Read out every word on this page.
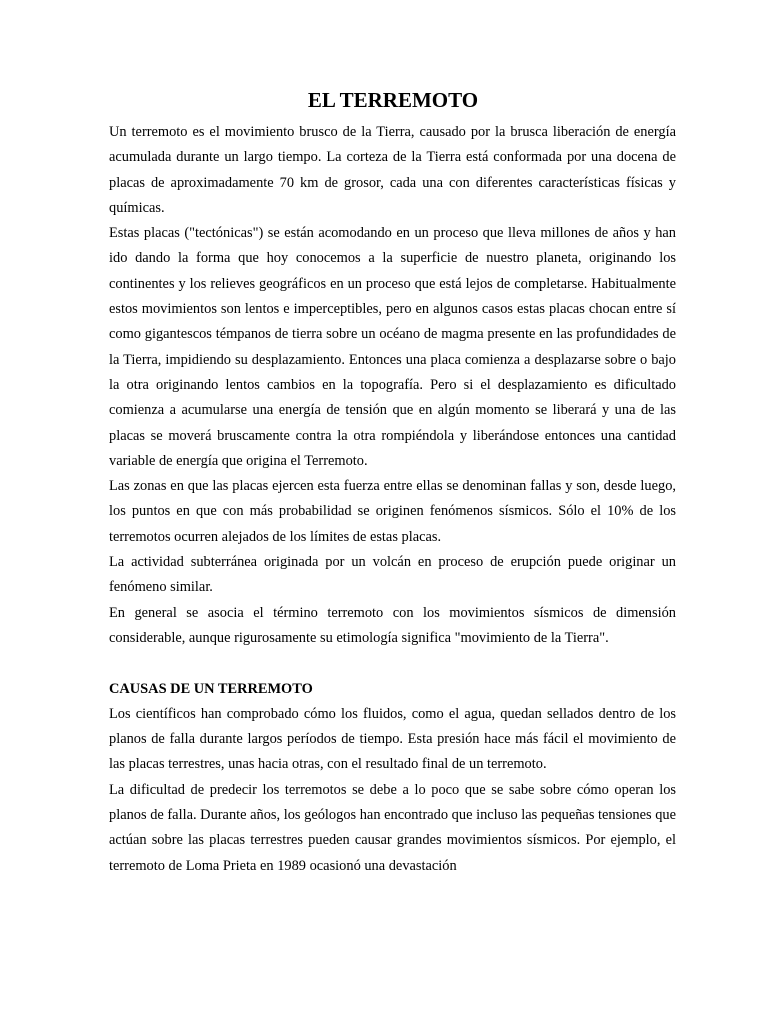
EL TERREMOTO

Un terremoto es el movimiento brusco de la Tierra, causado por la brusca liberación de energía acumulada durante un largo tiempo. La corteza de la Tierra está conformada por una docena de placas de aproximadamente 70 km de grosor, cada una con diferentes características físicas y químicas.

Estas placas ("tectónicas") se están acomodando en un proceso que lleva millones de años y han ido dando la forma que hoy conocemos a la superficie de nuestro planeta, originando los continentes y los relieves geográficos en un proceso que está lejos de completarse. Habitualmente estos movimientos son lentos e imperceptibles, pero en algunos casos estas placas chocan entre sí como gigantescos témpanos de tierra sobre un océano de magma presente en las profundidades de la Tierra, impidiendo su desplazamiento. Entonces una placa comienza a desplazarse sobre o bajo la otra originando lentos cambios en la topografía. Pero si el desplazamiento es dificultado comienza a acumularse una energía de tensión que en algún momento se liberará y una de las placas se moverá bruscamente contra la otra rompiéndola y liberándose entonces una cantidad variable de energía que origina el Terremoto.

Las zonas en que las placas ejercen esta fuerza entre ellas se denominan fallas y son, desde luego, los puntos en que con más probabilidad se originen fenómenos sísmicos. Sólo el 10% de los terremotos ocurren alejados de los límites de estas placas.

La actividad subterránea originada por un volcán en proceso de erupción puede originar un fenómeno similar.

En general se asocia el término terremoto con los movimientos sísmicos de dimensión considerable, aunque rigurosamente su etimología significa "movimiento de la Tierra".

CAUSAS DE UN TERREMOTO

Los científicos han comprobado cómo los fluidos, como el agua, quedan sellados dentro de los planos de falla durante largos períodos de tiempo. Esta presión hace más fácil el movimiento de las placas terrestres, unas hacia otras, con el resultado final de un terremoto.

La dificultad de predecir los terremotos se debe a lo poco que se sabe sobre cómo operan los planos de falla. Durante años, los geólogos han encontrado que incluso las pequeñas tensiones que actúan sobre las placas terrestres pueden causar grandes movimientos sísmicos. Por ejemplo, el terremoto de Loma Prieta en 1989 ocasionó una devastación
